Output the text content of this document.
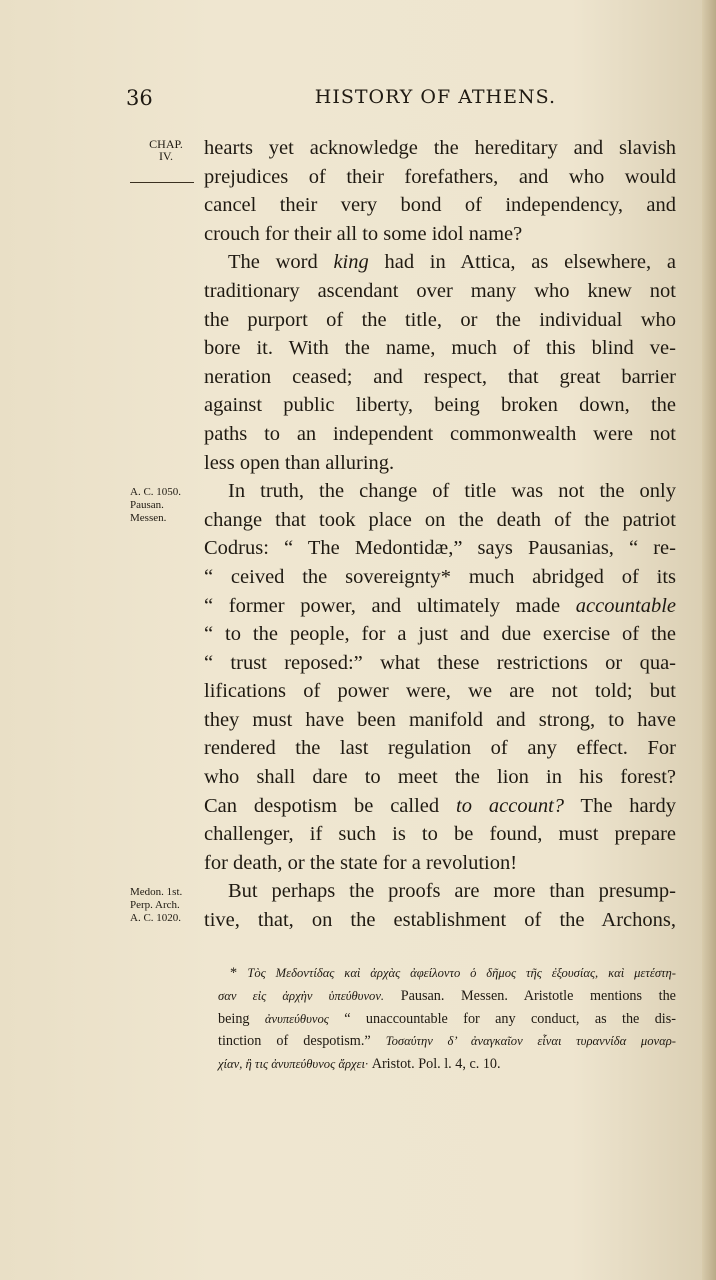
36	HISTORY OF ATHENS.
CHAP.
IV.
A. C. 1050.
Pausan.
Messen.
Medon. 1st.
Perp. Arch.
A. C. 1020.
hearts yet acknowledge the hereditary and slavish
prejudices of their forefathers, and who would
cancel their very bond of independency, and
crouch for their all to some idol name?
The word king had in Attica, as elsewhere, a
traditionary ascendant over many who knew not
the purport of the title, or the individual who
bore it. With the name, much of this blind ve-
neration ceased; and respect, that great barrier
against public liberty, being broken down, the
paths to an independent commonwealth were not
less open than alluring.
In truth, the change of title was not the only
change that took place on the death of the patriot
Codrus: “ The Medontidæ,” says Pausanias, “ re-
“ ceived the sovereignty* much abridged of its
“ former power, and ultimately made accountable
“ to the people, for a just and due exercise of the
“ trust reposed:” what these restrictions or qua-
lifications of power were, we are not told; but
they must have been manifold and strong, to have
rendered the last regulation of any effect. For
who shall dare to meet the lion in his forest?
Can despotism be called to account? The hardy
challenger, if such is to be found, must prepare
for death, or the state for a revolution!
But perhaps the proofs are more than presump-
tive, that, on the establishment of the Archons,
* Τὸς Μεδοντίδας καὶ ἀρχὰς ἀφείλοντο ὁ δῆμος τῆς ἐξουσίας, καὶ μετέστη-
σαν εἰς ἀρχὴν ὑπεύθυνον. Pausan. Messen. Aristotle mentions the
being ἀνυπεύθυνος “ unaccountable for any conduct, as the dis-
tinction of despotism.” Τοσαύτην δ’ ἀναγκαῖον εἶναι τυραννίδα μοναρ-
χίαν, ἢ τις ἀνυπεύθυνος ἄρχει· Aristot. Pol. l. 4, c. 10.
